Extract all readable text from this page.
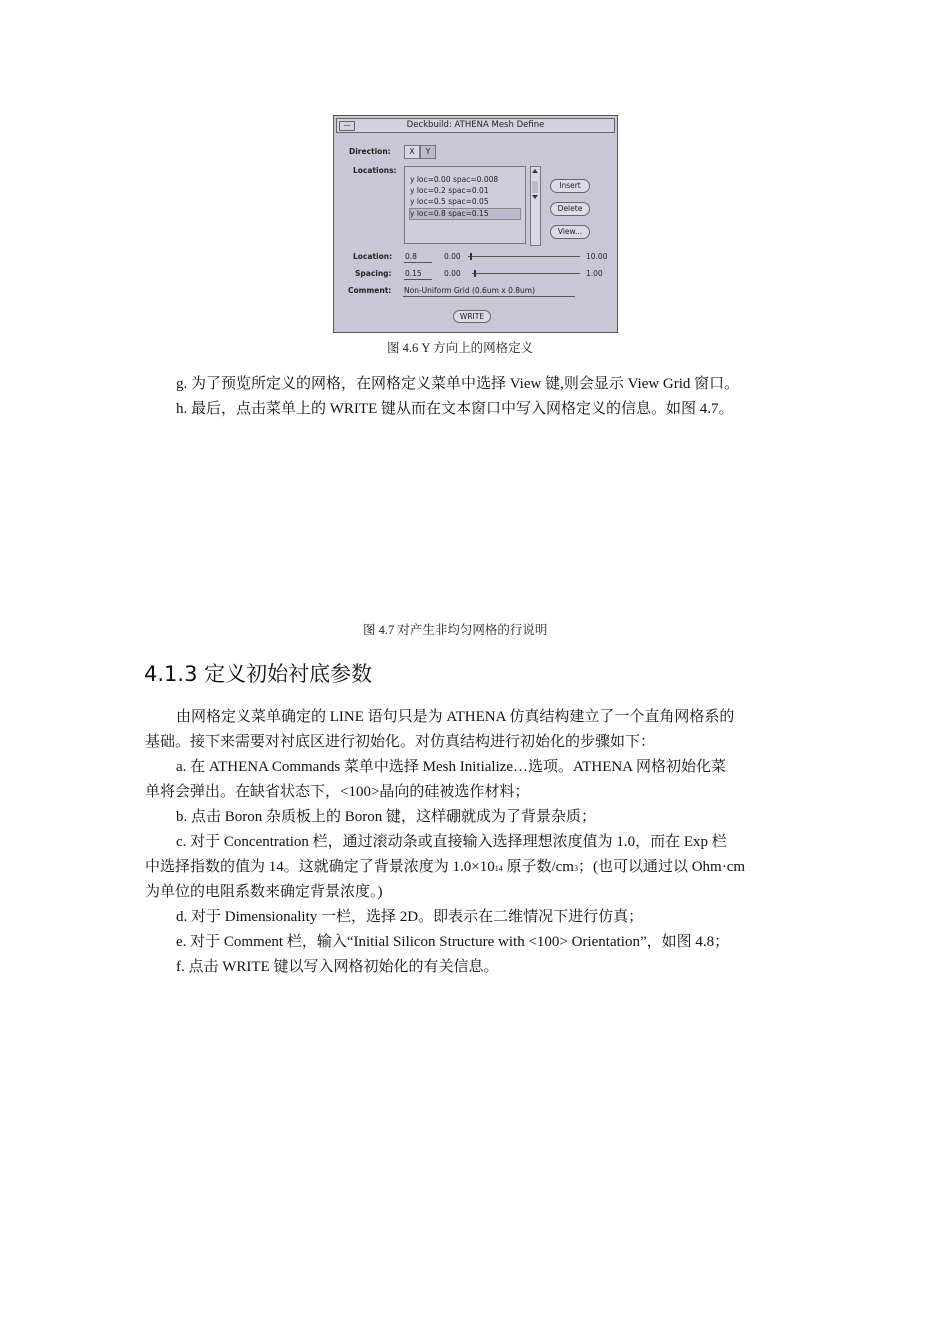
—	Deckbuild: ATHENA Mesh Define
Direction:	X	Y
Locations:
y loc=0.00 spac=0.008
y loc=0.2 spac=0.01
y loc=0.5 spac=0.05
y loc=0.8 spac=0.15
Insert
Delete
View...
Location: 0.8	0.00	10.00
Spacing: 0.15	0.00	1.00
Comment: Non-Uniform Grid (0.6um x 0.8um)
WRITE
图 4.6 Y 方向上的网格定义
g. 为了预览所定义的网格，在网格定义菜单中选择 View 键,则会显示 View Grid 窗口。
h. 最后，点击菜单上的 WRITE 键从而在文本窗口中写入网格定义的信息。如图 4.7。
图 4.7 对产生非均匀网格的行说明
4.1.3 定义初始衬底参数
由网格定义菜单确定的 LINE 语句只是为 ATHENA 仿真结构建立了一个直角网格系的
基础。接下来需要对衬底区进行初始化。对仿真结构进行初始化的步骤如下：
a. 在 ATHENA Commands 菜单中选择 Mesh Initialize…选项。ATHENA 网格初始化菜
单将会弹出。在缺省状态下，<100>晶向的硅被选作材料；
b. 点击 Boron 杂质板上的 Boron 键，这样硼就成为了背景杂质；
c. 对于 Concentration 栏，通过滚动条或直接输入选择理想浓度值为 1.0，而在 Exp 栏
中选择指数的值为 14。这就确定了背景浓度为 1.0×1014 原子数/cm3；(也可以通过以 Ohm·cm
为单位的电阻系数来确定背景浓度。)
d. 对于 Dimensionality 一栏，选择 2D。即表示在二维情况下进行仿真；
e. 对于 Comment 栏，输入“Initial Silicon Structure with <100> Orientation”，如图 4.8；
f. 点击 WRITE 键以写入网格初始化的有关信息。
